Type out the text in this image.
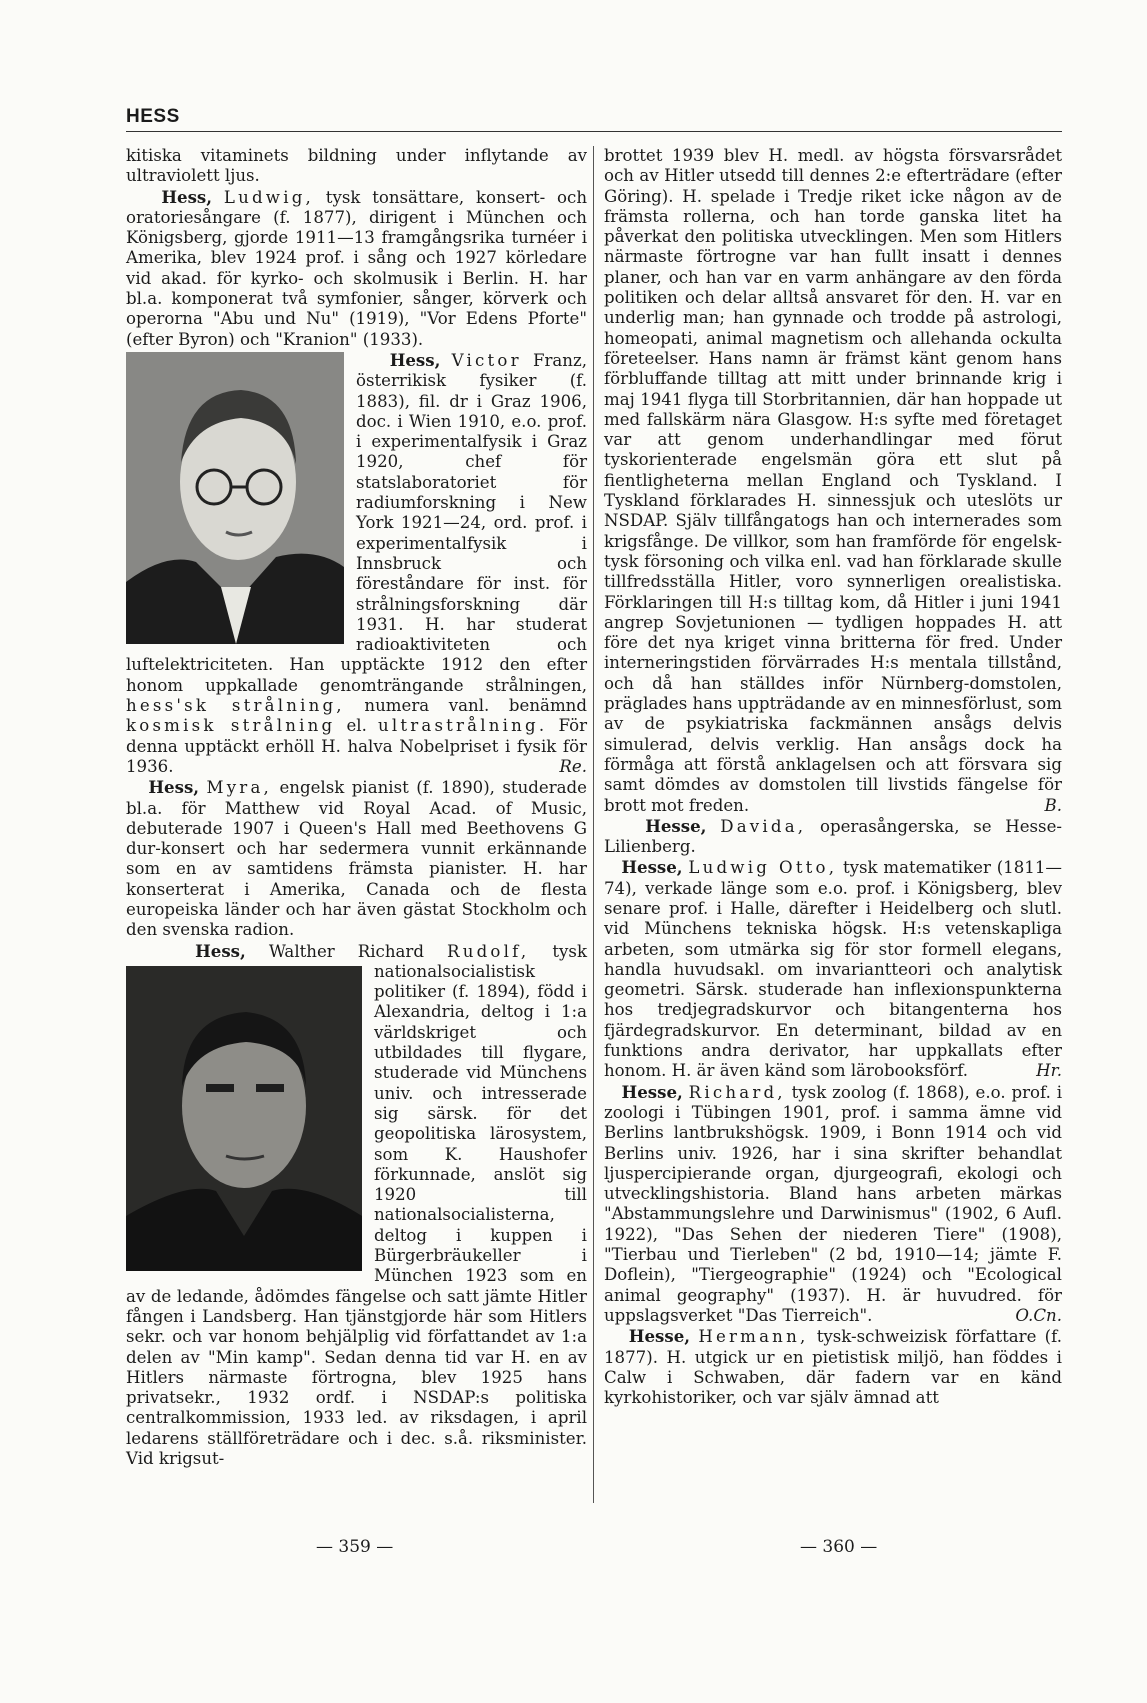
HESS

kitiska vitaminets bildning under inflytande av ultraviolett ljus.

Hess, Ludwig, tysk tonsättare, konsert- och oratoriesångare (f. 1877), dirigent i München och Königsberg, gjorde 1911—13 framgångsrika turnéer i Amerika, blev 1924 prof. i sång och 1927 körledare vid akad. för kyrko- och skolmusik i Berlin. H. har bl.a. komponerat två symfonier, sånger, körverk och operorna "Abu und Nu" (1919), "Vor Edens Pforte" (efter Byron) och "Kranion" (1933).

Hess, Victor Franz, österrikisk fysiker (f. 1883), fil. dr i Graz 1906, doc. i Wien 1910, e.o. prof. i experimentalfysik i Graz 1920, chef för statslaboratoriet för radiumforskning i New York 1921—24, ord. prof. i experimentalfysik i Innsbruck och föreståndare för inst. för strålningsforskning där 1931. H. har studerat radioaktiviteten och luftelektriciteten. Han upptäckte 1912 den efter honom uppkallade genomträngande strålningen, hess'sk strålning, numera vanl. benämnd kosmisk strålning el. ultrastrålning. För denna upptäckt erhöll H. halva Nobelpriset i fysik för 1936.	Re.

Hess, Myra, engelsk pianist (f. 1890), studerade bl.a. för Matthew vid Royal Acad. of Music, debuterade 1907 i Queen's Hall med Beethovens G dur-konsert och har sedermera vunnit erkännande som en av samtidens främsta pianister. H. har konserterat i Amerika, Canada och de flesta europeiska länder och har även gästat Stockholm och den svenska radion.

Hess, Walther Richard Rudolf, tysk nationalsocialistisk politiker (f. 1894), född i Alexandria, deltog i 1:a världskriget och utbildades till flygare, studerade vid Münchens univ. och intresserade sig särsk. för det geopolitiska lärosystem, som K. Haushofer förkunnade, anslöt sig 1920 till nationalsocialisterna, deltog i kuppen i Bürgerbräukeller i München 1923 som en av de ledande, ådömdes fängelse och satt jämte Hitler fången i Landsberg. Han tjänstgjorde här som Hitlers sekr. och var honom behjälplig vid författandet av 1:a delen av "Min kamp". Sedan denna tid var H. en av Hitlers närmaste förtrogna, blev 1925 hans privatsekr., 1932 ordf. i NSDAP:s politiska centralkommission, 1933 led. av riksdagen, i april ledarens ställföreträdare och i dec. s.å. riksminister. Vid krigsut-

brottet 1939 blev H. medl. av högsta försvarsrådet och av Hitler utsedd till dennes 2:e efterträdare (efter Göring). H. spelade i Tredje riket icke någon av de främsta rollerna, och han torde ganska litet ha påverkat den politiska utvecklingen. Men som Hitlers närmaste förtrogne var han fullt insatt i dennes planer, och han var en varm anhängare av den förda politiken och delar alltså ansvaret för den. H. var en underlig man; han gynnade och trodde på astrologi, homeopati, animal magnetism och allehanda ockulta företeelser. Hans namn är främst känt genom hans förbluffande tilltag att mitt under brinnande krig i maj 1941 flyga till Storbritannien, där han hoppade ut med fallskärm nära Glasgow. H:s syfte med företaget var att genom underhandlingar med förut tyskorienterade engelsmän göra ett slut på fientligheterna mellan England och Tyskland. I Tyskland förklarades H. sinnessjuk och uteslöts ur NSDAP. Själv tillfångatogs han och internerades som krigsfånge. De villkor, som han framförde för engelsk-tysk försoning och vilka enl. vad han förklarade skulle tillfredsställa Hitler, voro synnerligen orealistiska. Förklaringen till H:s tilltag kom, då Hitler i juni 1941 angrep Sovjetunionen — tydligen hoppades H. att före det nya kriget vinna britterna för fred. Under interneringstiden förvärrades H:s mentala tillstånd, och då han ställdes inför Nürnberg-domstolen, präglades hans uppträdande av en minnesförlust, som av de psykiatriska fackmännen ansågs delvis simulerad, delvis verklig. Han ansågs dock ha förmåga att förstå anklagelsen och att försvara sig samt dömdes av domstolen till livstids fängelse för brott mot freden.	B.

Hesse, Davida, operasångerska, se Hesse-Lilienberg.

Hesse, Ludwig Otto, tysk matematiker (1811—74), verkade länge som e.o. prof. i Königsberg, blev senare prof. i Halle, därefter i Heidelberg och slutl. vid Münchens tekniska högsk. H:s vetenskapliga arbeten, som utmärka sig för stor formell elegans, handla huvudsakl. om invariantteori och analytisk geometri. Särsk. studerade han inflexionspunkterna hos tredjegradskurvor och bitangenterna hos fjärdegradskurvor. En determinant, bildad av en funktions andra derivator, har uppkallats efter honom. H. är även känd som lärobooksförf.	Hr.

Hesse, Richard, tysk zoolog (f. 1868), e.o. prof. i zoologi i Tübingen 1901, prof. i samma ämne vid Berlins lantbrukshögsk. 1909, i Bonn 1914 och vid Berlins univ. 1926, har i sina skrifter behandlat ljuspercipierande organ, djurgeografi, ekologi och utvecklingshistoria. Bland hans arbeten märkas "Abstammungslehre und Darwinismus" (1902, 6 Aufl. 1922), "Das Sehen der niederen Tiere" (1908), "Tierbau und Tierleben" (2 bd, 1910—14; jämte F. Doflein), "Tiergeographie" (1924) och "Ecological animal geography" (1937). H. är huvudred. för uppslagsverket "Das Tierreich".	O.Cn.

Hesse, Hermann, tysk-schweizisk författare (f. 1877). H. utgick ur en pietistisk miljö, han föddes i Calw i Schwaben, där fadern var en känd kyrkohistoriker, och var själv ämnad att

— 359 —	— 360 —
